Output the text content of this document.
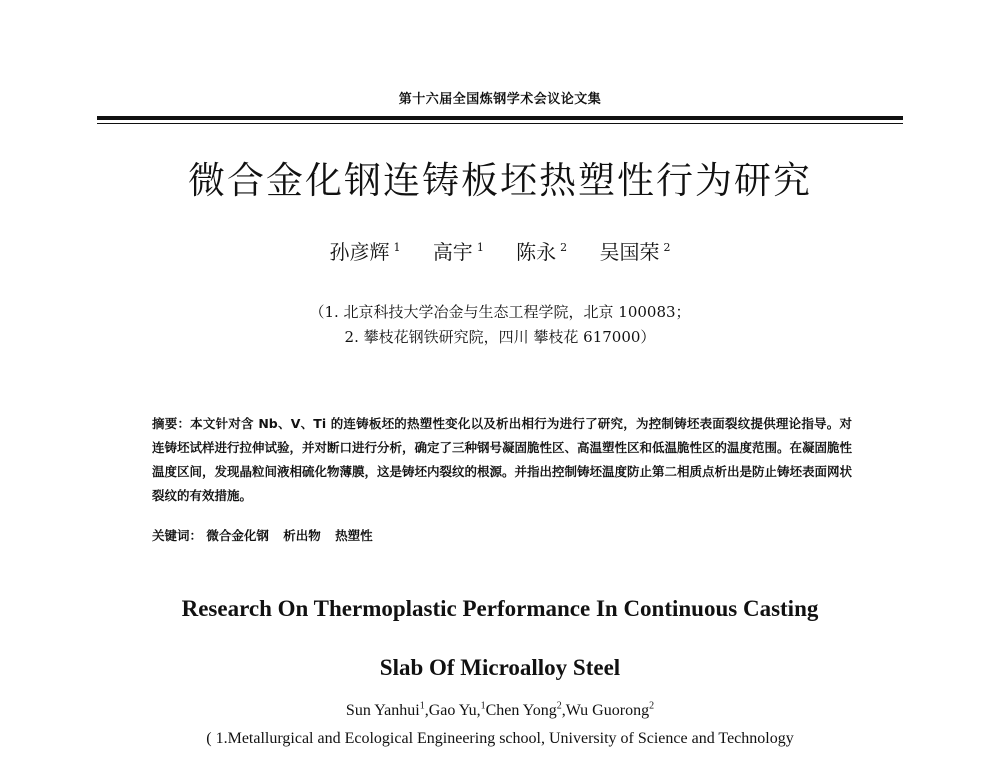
第十六届全国炼钢学术会议论文集
微合金化钢连铸板坯热塑性行为研究
孙彦辉 $^1$ 高宇 $^1$ 陈永 $^2$ 吴国荣 $^2$
（1. 北京科技大学冶金与生态工程学院，北京 100083；
2. 攀枝花钢铁研究院，四川 攀枝花 617000）
摘要：本文针对含 Nb、V、Ti 的连铸板坯的热塑性变化以及析出相行为进行了研究，为控制铸坯表面裂纹提供理论指导。对连铸坯试样进行拉伸试验，并对断口进行分析，确定了三种钢号凝固脆性区、高温塑性区和低温脆性区的温度范围。在凝固脆性温度区间，发现晶粒间液相硫化物薄膜，这是铸坯内裂纹的根源。并指出控制铸坯温度防止第二相质点析出是防止铸坯表面网状裂纹的有效措施。
关键词： 微合金化钢 析出物 热塑性
Research On Thermoplastic Performance In Continuous Casting
Slab Of Microalloy Steel
Sun Yanhui$^1$,Gao Yu,$^1$Chen Yong$^2$,Wu Guorong$^2$
( 1.Metallurgical and Ecological Engineering school, University of Science and Technology
